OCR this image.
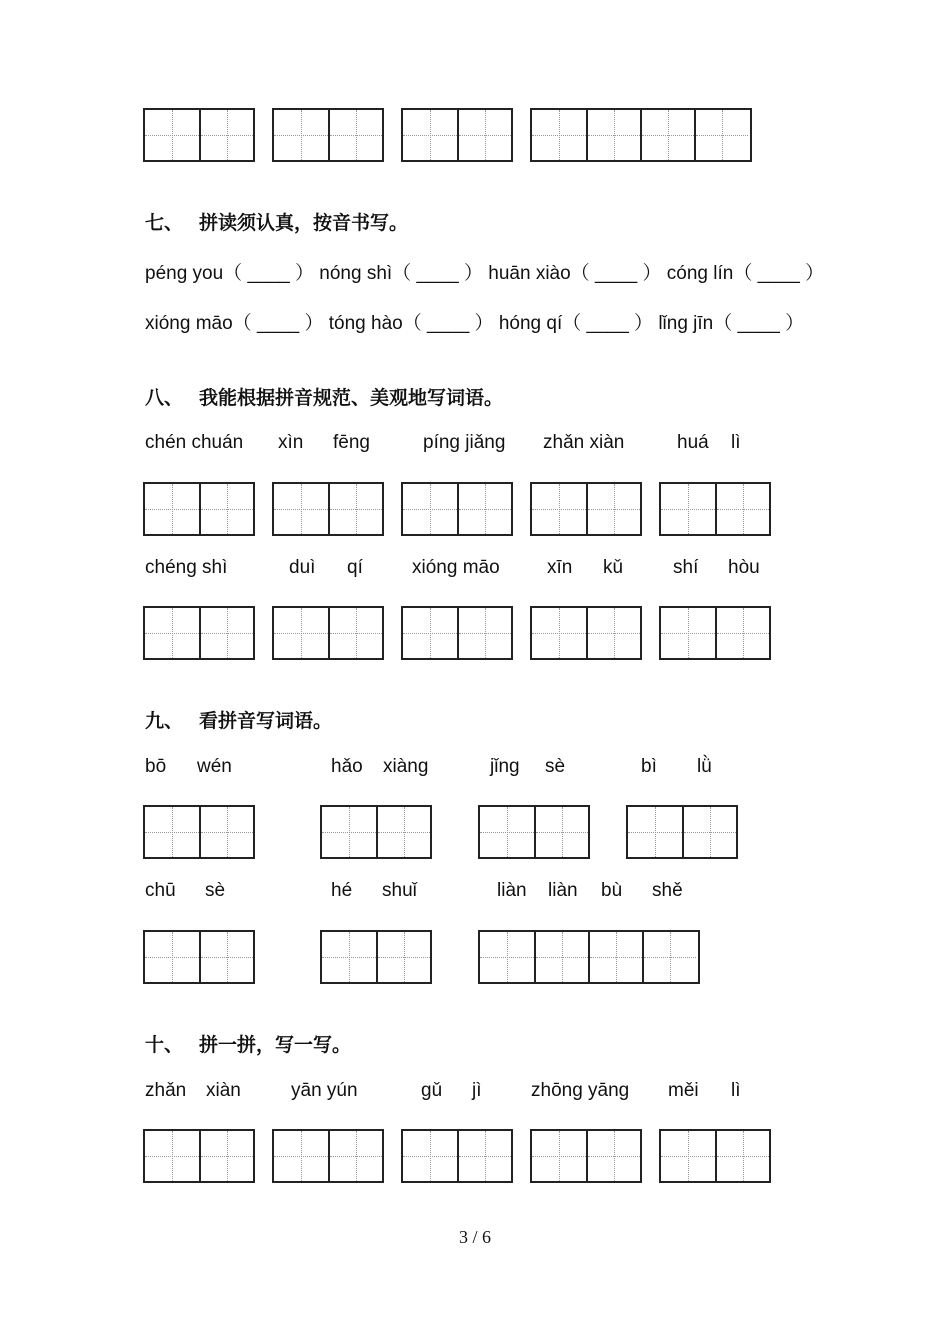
七、 拼读须认真，按音书写。
péng you（ ____ ） nóng shì（ ____ ） huān xiào（ ____ ） cóng lín（ ____ ）
xióng māo（ ____ ） tóng hào（ ____ ） hóng qí（ ____ ） lǐng jīn（ ____ ）
八、 我能根据拼音规范、美观地写词语。
chén chuán xìn fēng	píng jiǎng zhǎn xiàn	huá lì
chéng shì	duì qí	xióng māo xīn kǔ	shí hòu
九、 看拼音写词语。
bō wén	hǎo xiàng	jǐng sè	bì lǜ
chū sè	hé shuǐ	liàn liàn bù shě
十、 拼一拼，写一写。
zhǎn xiàn	yān yún	gǔ jì	zhōng yāng měi lì
3 / 6
